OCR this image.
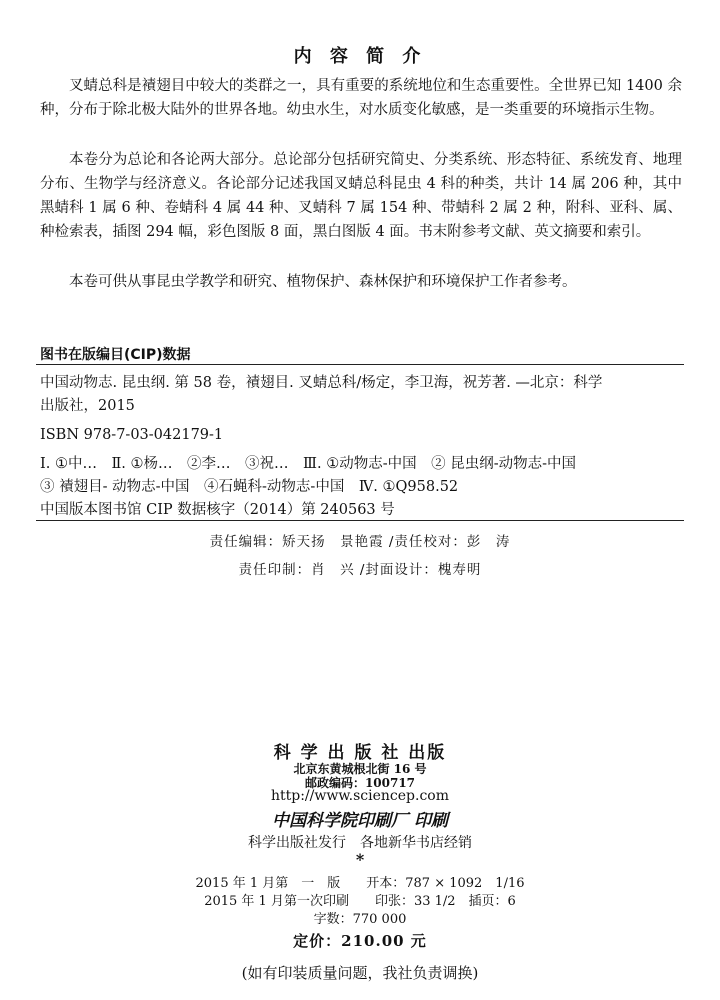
内 容 简 介

叉蜻总科是襀翅目中较大的类群之一，具有重要的系统地位和生态重要性。全世界已知 1400 余种，分布于除北极大陆外的世界各地。幼虫水生，对水质变化敏感，是一类重要的环境指示生物。

本卷分为总论和各论两大部分。总论部分包括研究简史、分类系统、形态特征、系统发育、地理分布、生物学与经济意义。各论部分记述我国叉蜻总科昆虫 4 科的种类，共计 14 属 206 种，其中黑蜻科 1 属 6 种、卷蜻科 4 属 44 种、叉蜻科 7 属 154 种、带蜻科 2 属 2 种，附科、亚科、属、种检索表，插图 294 幅，彩色图版 8 面，黑白图版 4 面。书末附参考文献、英文摘要和索引。

本卷可供从事昆虫学教学和研究、植物保护、森林保护和环境保护工作者参考。

图书在版编目(CIP)数据
中国动物志. 昆虫纲. 第 58 卷，襀翅目. 叉蜻总科/杨定，李卫海，祝芳著. —北京：科学
出版社，2015
ISBN 978-7-03-042179-1
Ⅰ. ①中…　Ⅱ. ①杨…　②李…　③祝…　Ⅲ. ①动物志-中国　② 昆虫纲-动物志-中国
③ 襀翅目- 动物志-中国　④石蝇科-动物志-中国　Ⅳ. ①Q958.52
中国版本图书馆 CIP 数据核字（2014）第 240563 号
责任编辑：矫天扬　景艳霞 /责任校对：彭　涛
责任印制：肖　兴 /封面设计：槐寿明
科 学 出 版 社 出版
北京东黄城根北街 16 号
邮政编码：100717
http://www.sciencep.com
中国科学院印刷厂 印刷
科学出版社发行　各地新华书店经销
*
2015 年 1 月第　一　版　　开本：787 × 1092　1/16
2015 年 1 月第一次印刷　　印张：33 1/2　插页：6
字数：770 000
定价：210.00 元
(如有印装质量问题，我社负责调换)
